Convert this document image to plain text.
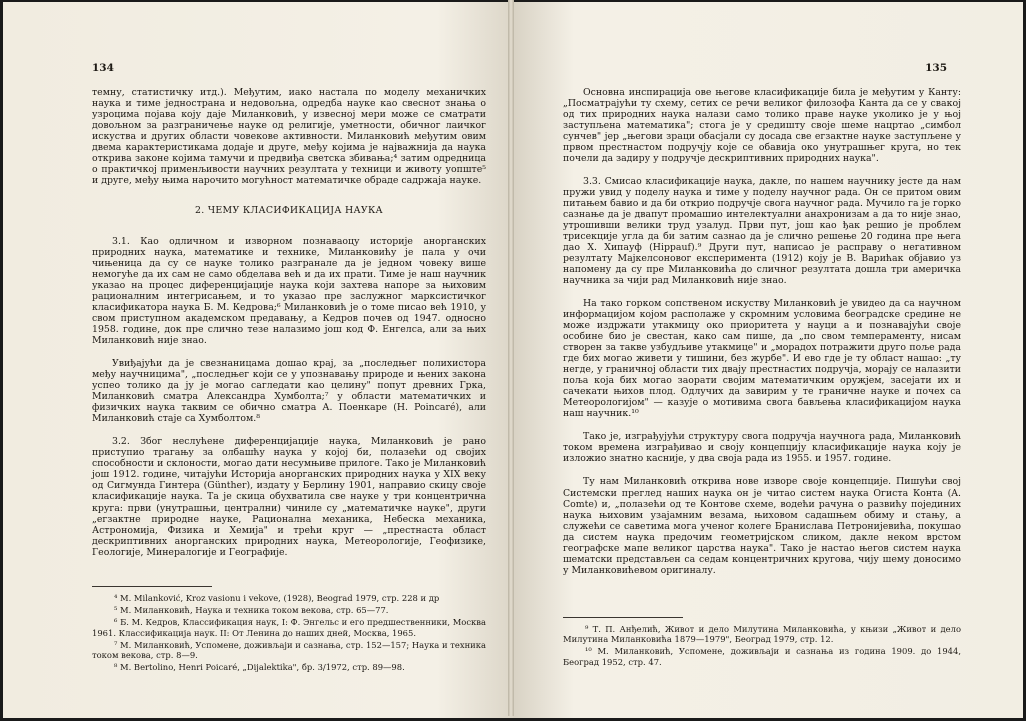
134

темну, статистичку итд.). Међутим, иако настала по моделу механичких наука и тиме једнострана и недовољна, одредба науке као свеснот знања о узроцима појава коју даје Миланковић, у извесној мери може се сматрати довољном за разграничење науке од религије, уметности, обичног лаичког искуства и других области човекове активности. Миланковић међутим овим двема карактеристикама додаје и друге, међу којима је најважнија да наука открива законе којима тамучи и предвиђа светска збивања;⁴ затим одредница о практичкој применљивости научних резултата у техници и животу уопште⁵ и друге, међу њима нарочито могућност математичке обраде садржаја науке.

2. ЧЕМУ КЛАСИФИКАЦИЈА НАУКА

3.1. Као одличном и изворном познаваоцу историје анорганских природних наука, математике и технике, Миланковићу је пала у очи чињеница да су се науке толико разгранале да је једном човеку више немогуће да их сам не само обделава већ и да их прати. Тиме је наш научник указао на процес диференцијације наука који захтева напоре за њиховим рационалним интегрисањем, и то указао пре заслужног марксистичког класификатора наука Б. М. Кедрова;⁶ Миланковић је о томе писао већ 1910, у свом приступном академском предавању, а Кедров почев од 1947. односно 1958. године, док пре слично тезе налазимо још код Ф. Енгелса, али за њих Миланковић није знао.

Увиђајући да је свезнаницама дошао крај, за „последњег полихистора међу научницима", „последњег који се у упознавању природе и њених закона успео толико да ју је могао сагледати као целину" попут древних Грка, Миланковић сматра Александра Хумболта;⁷ у области математичких и физичких наука таквим се обично сматра А. Поенкаре (H. Poincaré), али Миланковић стаје са Хумболтом.⁸

3.2. Због неслућене диференцијације наука, Миланковић је рано приступио трагању за олбашћу наука у којој би, полазећи од својих способности и склоности, могао дати несумњиве прилоге. Тако је Миланковић још 1912. године, читајући Историја анорганских природних наука у XIX веку од Сигмунда Гинтера (Günther), издату у Берлину 1901, направио скицу своје класификације наука. Та је скица обухватила све науке у три концентрична круга: први (унутрашњи, централни) чиниле су „математичке науке", други „егзактне природне науке, Рационална механика, Небеска механика, Астрономија, Физика и Хемија" и трећи круг — „престнаста област дескриптивних анорганских природних наука, Метеорологије, Геофизике, Геологије, Минералогије и Географије.

⁴ M. Milanković, Kroz vasionu i vekove, (1928), Beograd 1979, стр. 228 и др
⁵ М. Миланковић, Наука и техника током векова, стр. 65—77.
⁶ Б. М. Кедров, Классификация наук, I: Ф. Энгельс и его предшественники, Москва 1961. Классификација наук. II: От Ленина до наших дней, Москва, 1965.
⁷ М. Миланковић, Успомене, доживљаји и сазнања, стр. 152—157; Наука и техника током векова, стр. 8—9.
⁸ M. Bertolino, Henri Poicaré, „Dijalektika", бр. 3/1972, стр. 89—98.
135

Основна инспирација ове његове класификације била је међутим у Канту: „Посматрајући ту схему, сетих се речи великог филозофа Канта да се у свакој од тих природних наука налази само толико праве науке уколико је у њој заступљена математика"; стога је у средишту своје шеме нацртао „симбол сунчев" јер „његови зраци обасјали су досада све егзактне науке заступљене у првом престнастом подручју које се обавија око унутрашњег круга, но тек почели да задиру у подручје дескриптивних природних наука".

3.3. Смисао класификације наука, дакле, по нашем научнику јесте да нам пружи увид у поделу наука и тиме у поделу научног рада. Он се притом овим питањем бавио и да би открио подручје свога научног рада. Мучило га је горко сазнање да је двапут промашио интелектуални анахронизам а да то није знао, утрошивши велики труд узалуд. Први пут, још као ђак решио је проблем трисекције угла да би затим сазнао да је слично решење 20 година пре њега дао Х. Хипауф (Hippauf).⁹ Други пут, написао је расправу о негативном резултату Мајкелсоновог експеримента (1912) коју је В. Варићак објавио уз напомену да су пре Миланковића до сличног резултата дошла три америчка научника за чији рад Миланковић није знао.

На тако горком сопственом искуству Миланковић је увидео да са научном информацијом којом располаже у скромним условима београдске средине не може издржати утакмицу око приоритета у науци а и познавајући своје особине био је свестан, како сам пише, да „по свом темпераменту, нисам створен за такве узбудљиве утакмице" и „морадох потражити друго поље рада где бих могао живети у тишини, без журбе". И ево где је ту област нашао: „ту негде, у граничној области тих двају престнастих подручја, морају се налазити поља која бих могао заорати својим математичким оружјем, засејати их и сачекати њихов плод. Одлучих да завирим у те граничне науке и почех са Метеорологијом" — казује о мотивима свога бављења класификацијом наука наш научник.¹⁰

Тако је, изграђујући структуру свога подручја научнога рада, Миланковић током времена изграђивао и своју концепцију класификације наука коју је изложио знатно касније, у два своја рада из 1955. и 1957. године.

Ту нам Миланковић открива нове изворе своје концепције. Пишући свој Системски преглед наших наука он је читао систем наука Огиста Конта (A. Comte) и, „полазећи од те Контове схеме, водећи рачуна о развићу појединих наука њиховим узајамним везама, њиховом садашњем обиму и стању, а служећи се саветима мога ученог колеге Бранислава Петронијевића, покушао да систем наука предочим геометријском сликом, дакле неком врстом географске мапе великог царства наука". Тако је настао његов систем наука шематски представљен са седам концентричних кругова, чију шему доносимо у Миланковићевом оригиналу.

⁹ Т. П. Анђелић, Живот и дело Милутина Миланковића, у књизи „Живот и дело Милутина Миланковића 1879—1979", Београд 1979, стр. 12.
¹⁰ М. Миланковић, Успомене, доживљаји и сазнања из година 1909. до 1944, Београд 1952, стр. 47.
